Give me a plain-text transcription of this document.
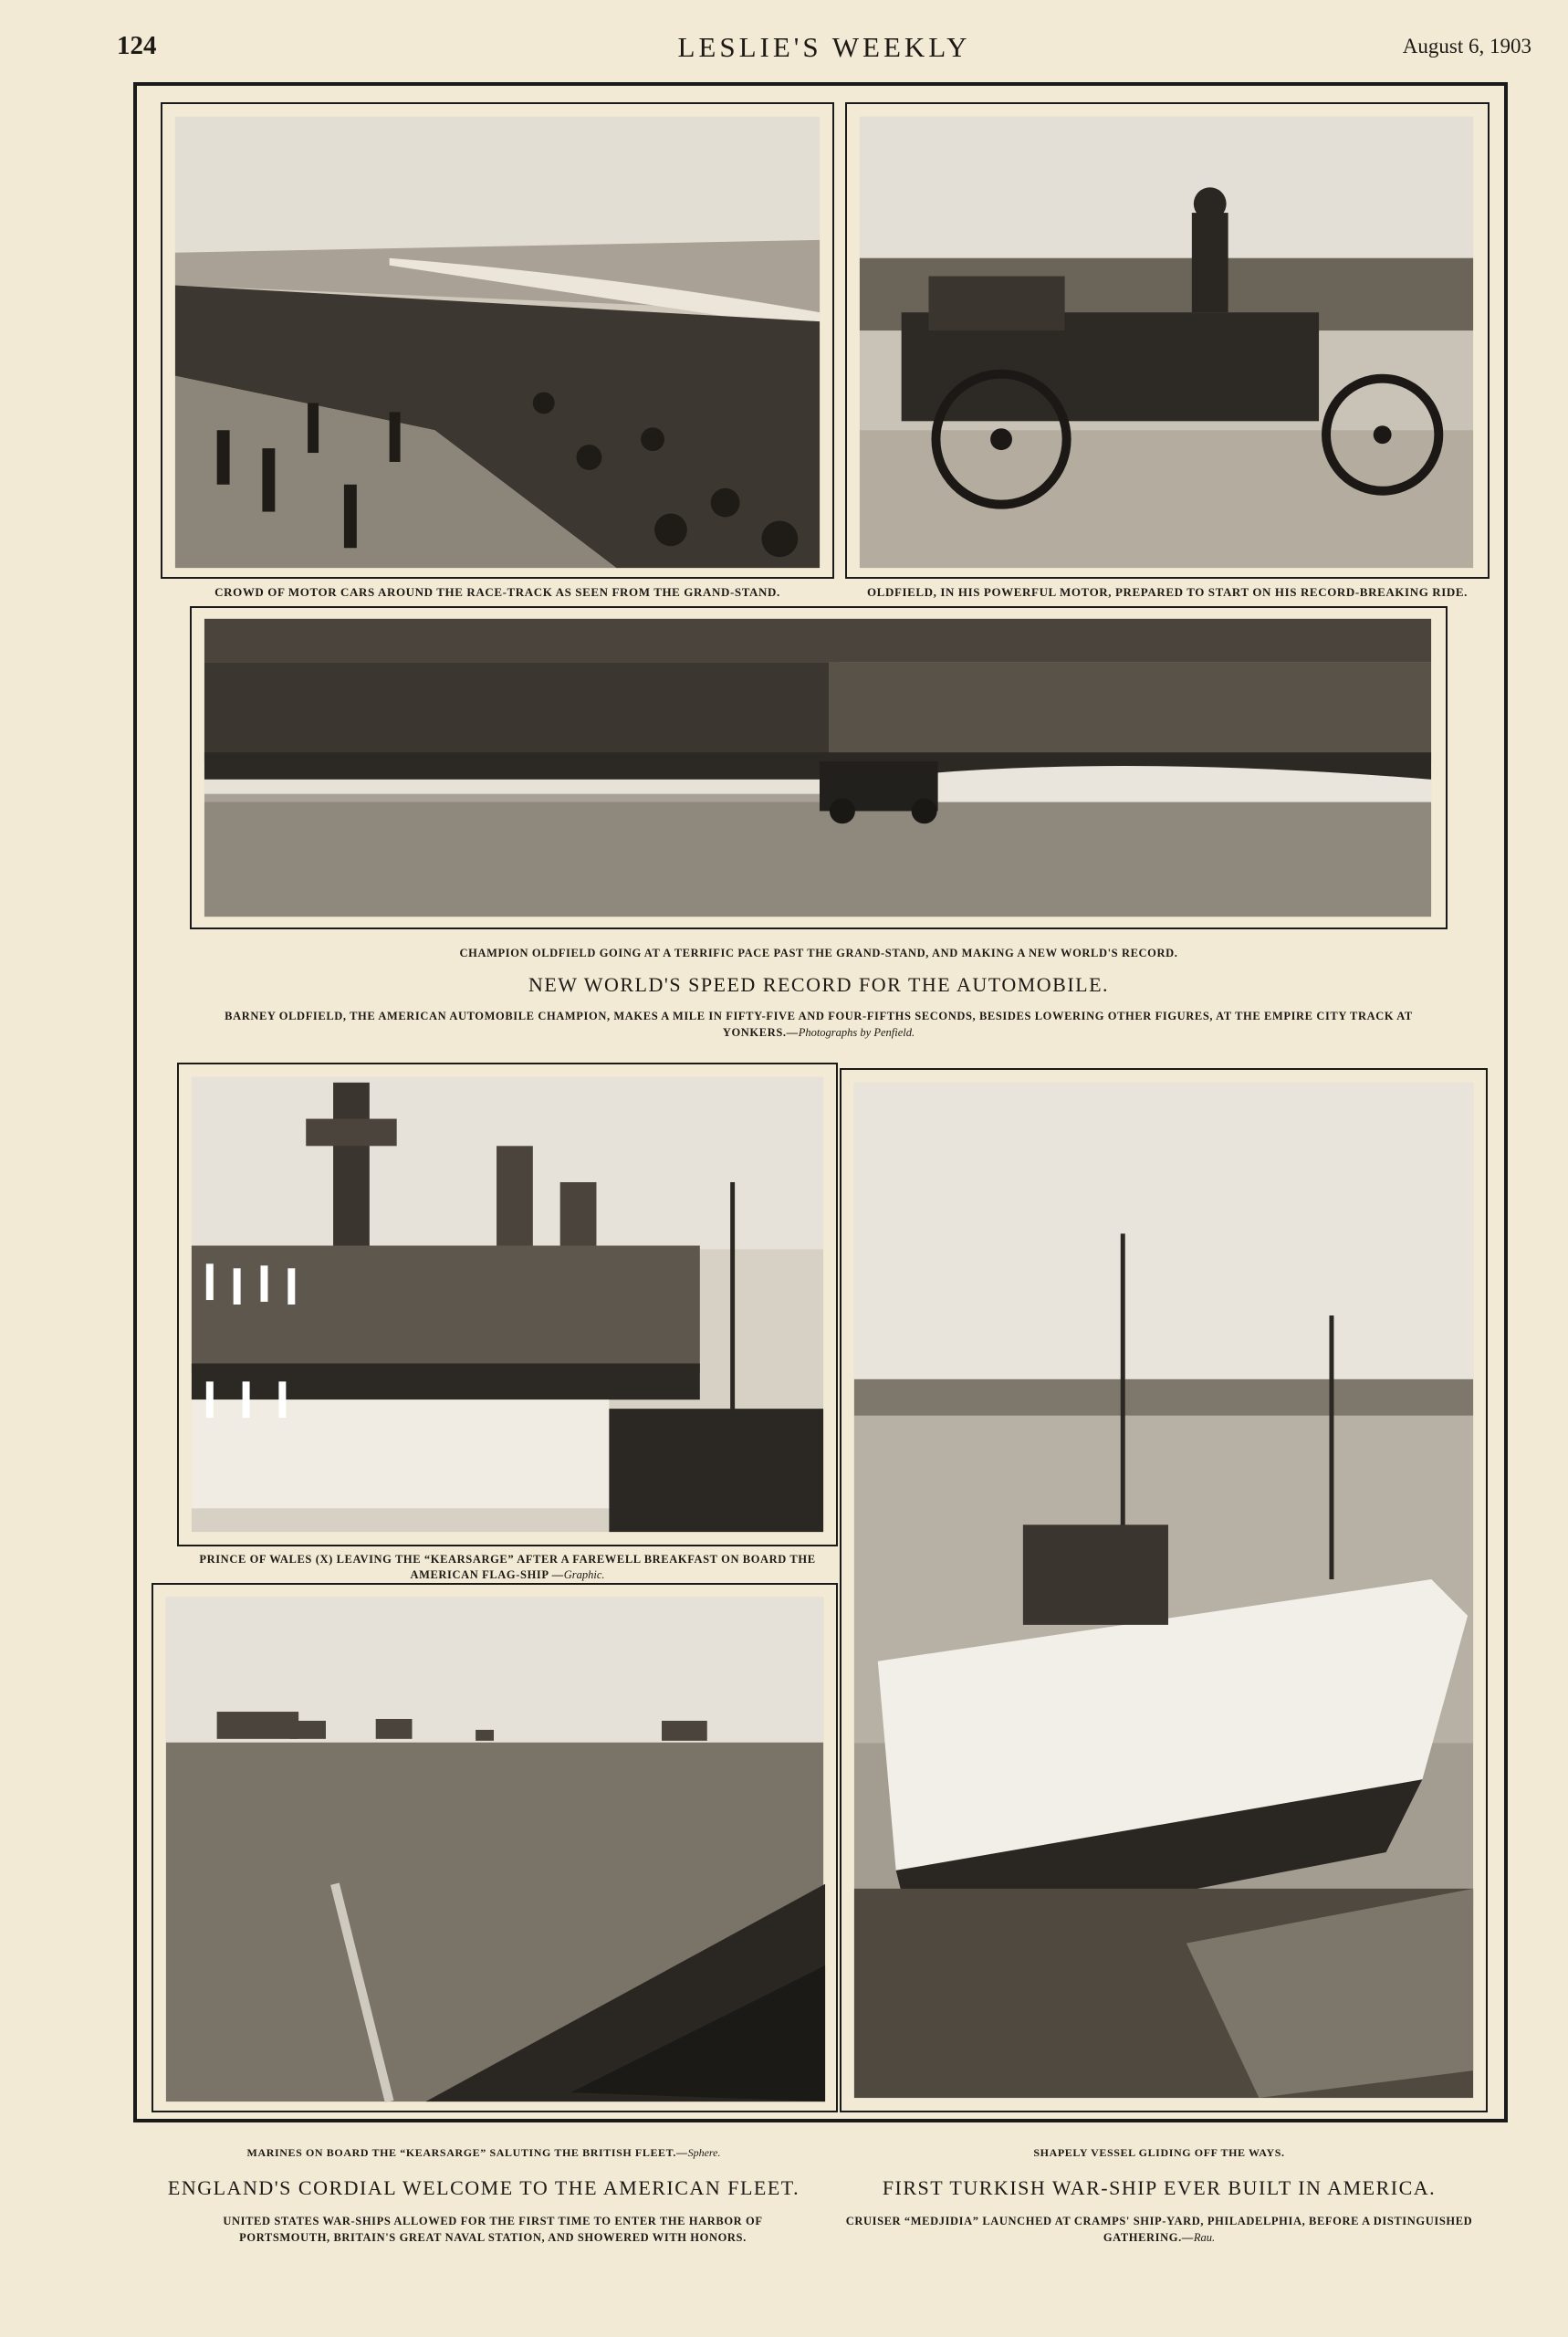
124	LESLIE'S WEEKLY	August 6, 1903
CROWD OF MOTOR CARS AROUND THE RACE-TRACK AS SEEN FROM THE GRAND-STAND.	OLDFIELD, IN HIS POWERFUL MOTOR, PREPARED TO START ON HIS RECORD-BREAKING RIDE.
CHAMPION OLDFIELD GOING AT A TERRIFIC PACE PAST THE GRAND-STAND, AND MAKING A NEW WORLD'S RECORD.
NEW WORLD'S SPEED RECORD FOR THE AUTOMOBILE.
BARNEY OLDFIELD, THE AMERICAN AUTOMOBILE CHAMPION, MAKES A MILE IN FIFTY-FIVE AND FOUR-FIFTHS SECONDS, BESIDES LOWERING OTHER FIGURES, AT THE EMPIRE CITY TRACK AT YONKERS.—Photographs by Penfield.
PRINCE OF WALES (X) LEAVING THE “KEARSARGE” AFTER A FAREWELL BREAKFAST ON BOARD THE AMERICAN FLAG-SHIP —Graphic.
MARINES ON BOARD THE “KEARSARGE” SALUTING THE BRITISH FLEET.—Sphere.	SHAPELY VESSEL GLIDING OFF THE WAYS.
ENGLAND'S CORDIAL WELCOME TO THE AMERICAN FLEET.	FIRST TURKISH WAR-SHIP EVER BUILT IN AMERICA.
UNITED STATES WAR-SHIPS ALLOWED FOR THE FIRST TIME TO ENTER THE HARBOR OF PORTSMOUTH, BRITAIN'S GREAT NAVAL STATION, AND SHOWERED WITH HONORS.
CRUISER “MEDJIDIA” LAUNCHED AT CRAMPS' SHIP-YARD, PHILADELPHIA, BEFORE A DISTINGUISHED GATHERING.—Rau.
